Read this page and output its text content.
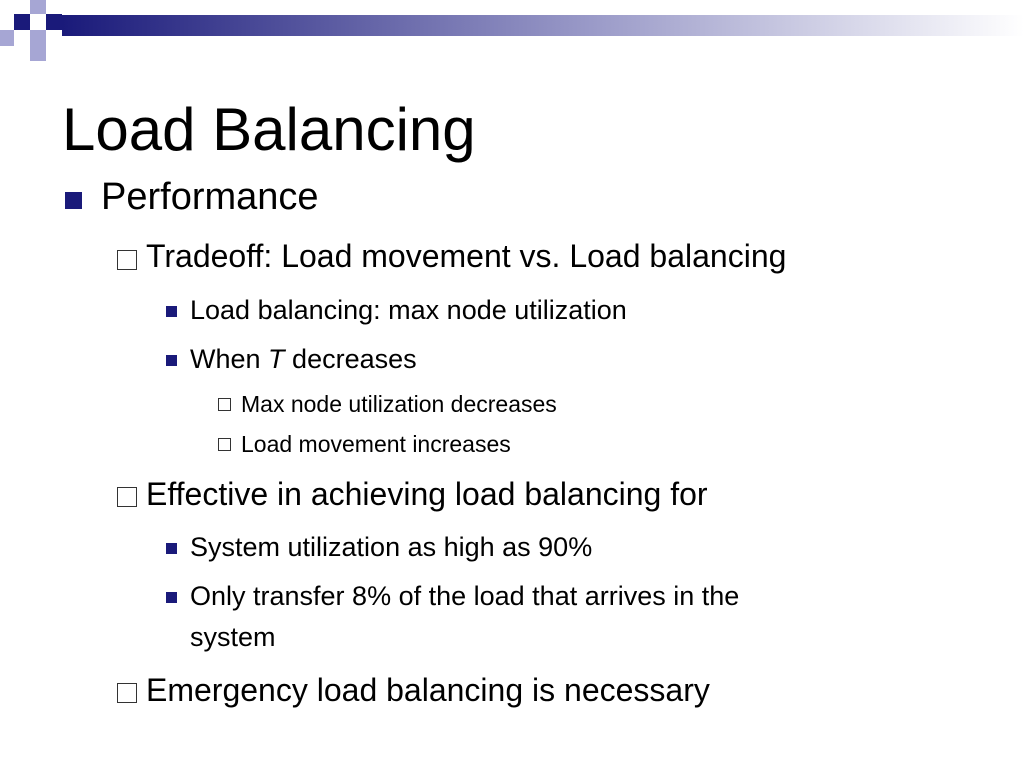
Load Balancing
Performance
Tradeoff: Load movement vs. Load balancing
Load balancing: max node utilization
When T decreases
Max node utilization decreases
Load movement increases
Effective in achieving load balancing for
System utilization as high as 90%
Only transfer 8% of the load that arrives in the
system
Emergency load balancing is necessary
